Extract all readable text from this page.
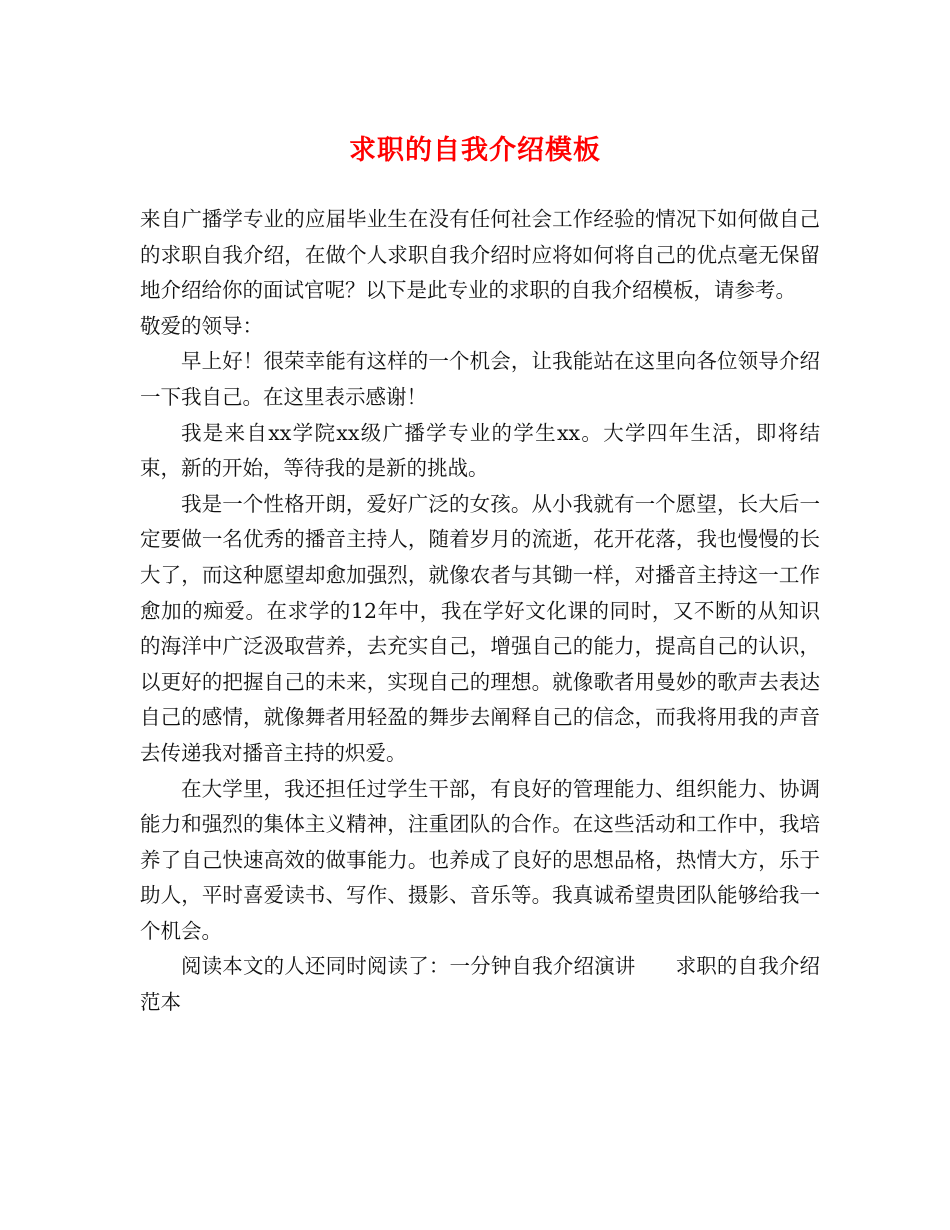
求职的自我介绍模板

来自广播学专业的应届毕业生在没有任何社会工作经验的情况下如何做自己的求职自我介绍，在做个人求职自我介绍时应将如何将自己的优点毫无保留地介绍给你的面试官呢？以下是此专业的求职的自我介绍模板，请参考。

敬爱的领导：

早上好！很荣幸能有这样的一个机会，让我能站在这里向各位领导介绍一下我自己。在这里表示感谢！

我是来自xx学院xx级广播学专业的学生xx。大学四年生活，即将结束，新的开始，等待我的是新的挑战。

我是一个性格开朗，爱好广泛的女孩。从小我就有一个愿望，长大后一定要做一名优秀的播音主持人，随着岁月的流逝，花开花落，我也慢慢的长大了，而这种愿望却愈加强烈，就像农者与其锄一样，对播音主持这一工作愈加的痴爱。在求学的12年中，我在学好文化课的同时，又不断的从知识的海洋中广泛汲取营养，去充实自己，增强自己的能力，提高自己的认识，以更好的把握自己的未来，实现自己的理想。就像歌者用曼妙的歌声去表达自己的感情，就像舞者用轻盈的舞步去阐释自己的信念，而我将用我的声音去传递我对播音主持的炽爱。

在大学里，我还担任过学生干部，有良好的管理能力、组织能力、协调能力和强烈的集体主义精神，注重团队的合作。在这些活动和工作中，我培养了自己快速高效的做事能力。也养成了良好的思想品格，热情大方，乐于助人，平时喜爱读书、写作、摄影、音乐等。我真诚希望贵团队能够给我一个机会。

阅读本文的人还同时阅读了：一分钟自我介绍演讲 求职的自我介绍范本
